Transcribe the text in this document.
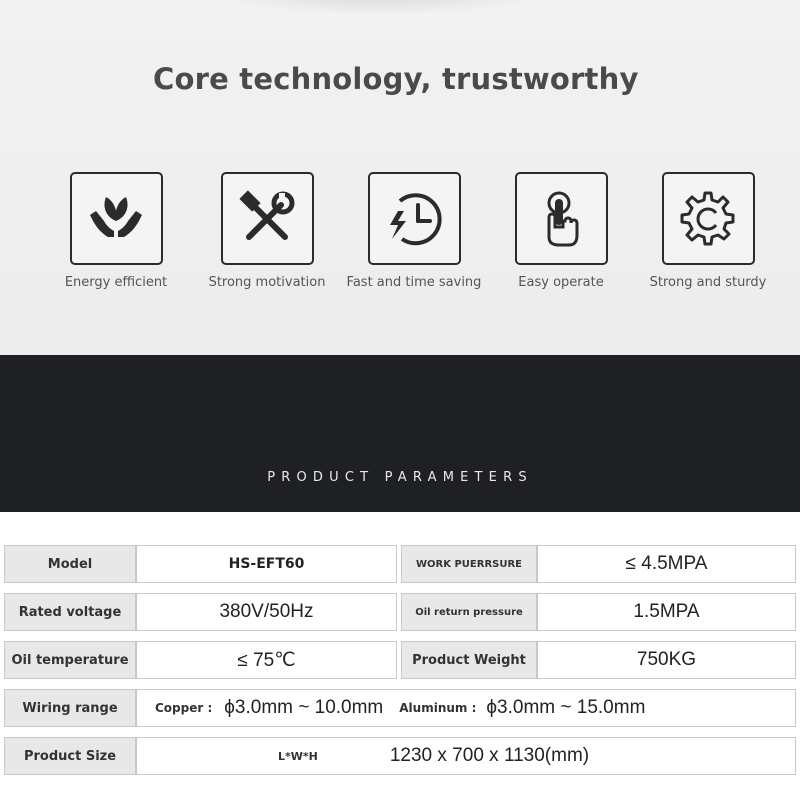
Core technology, trustworthy
Energy efficient	Strong motivation	Fast and time saving	Easy operate	Strong and sturdy
PRODUCT PARAMETERS
Model	HS-EFT60	WORK PUERRSURE	≤ 4.5MPA
Rated voltage	380V/50Hz	Oil return pressure	1.5MPA
Oil temperature	≤ 75℃	Product Weight	750KG
Wiring range	Copper : ϕ3.0mm ~ 10.0mm Aluminum : ϕ3.0mm ~ 15.0mm
Product Size	L*W*H	1230 x 700 x 1130(mm)
